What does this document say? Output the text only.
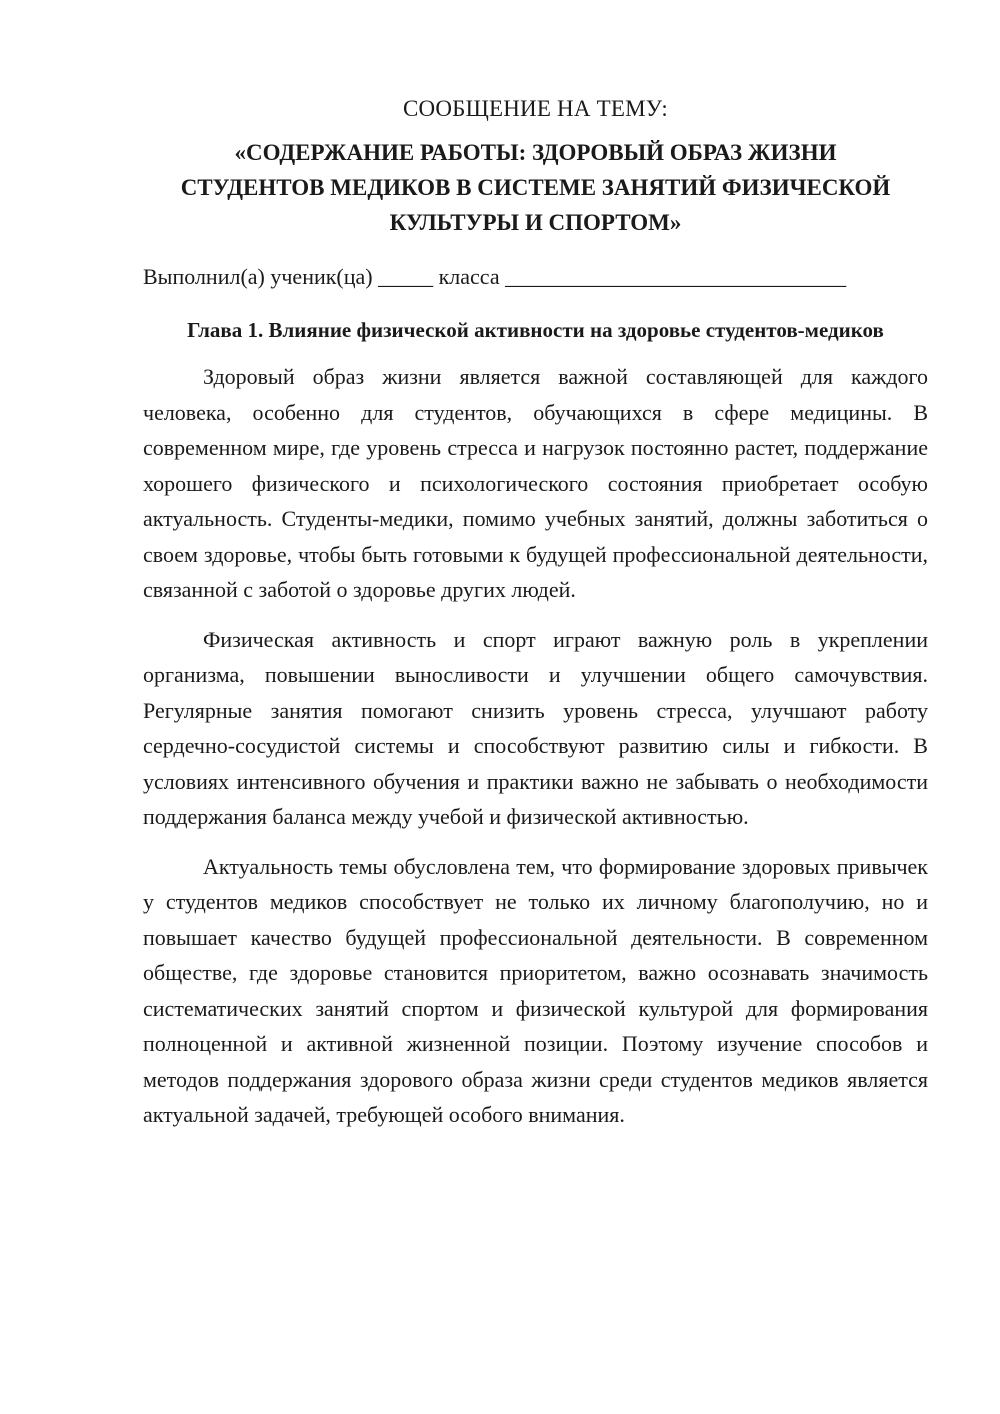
СООБЩЕНИЕ НА ТЕМУ:

«СОДЕРЖАНИЕ РАБОТЫ: ЗДОРОВЫЙ ОБРАЗ ЖИЗНИ
СТУДЕНТОВ МЕДИКОВ В СИСТЕМЕ ЗАНЯТИЙ ФИЗИЧЕСКОЙ
КУЛЬТУРЫ И СПОРТОМ»

Выполнил(а) ученик(ца) _____ класса _______________________________

Глава 1. Влияние физической активности на здоровье студентов-медиков

Здоровый образ жизни является важной составляющей для каждого человека, особенно для студентов, обучающихся в сфере медицины. В современном мире, где уровень стресса и нагрузок постоянно растет, поддержание хорошего физического и психологического состояния приобретает особую актуальность. Студенты-медики, помимо учебных занятий, должны заботиться о своем здоровье, чтобы быть готовыми к будущей профессиональной деятельности, связанной с заботой о здоровье других людей.

Физическая активность и спорт играют важную роль в укреплении организма, повышении выносливости и улучшении общего самочувствия. Регулярные занятия помогают снизить уровень стресса, улучшают работу сердечно-сосудистой системы и способствуют развитию силы и гибкости. В условиях интенсивного обучения и практики важно не забывать о необходимости поддержания баланса между учебой и физической активностью.

Актуальность темы обусловлена тем, что формирование здоровых привычек у студентов медиков способствует не только их личному благополучию, но и повышает качество будущей профессиональной деятельности. В современном обществе, где здоровье становится приоритетом, важно осознавать значимость систематических занятий спортом и физической культурой для формирования полноценной и активной жизненной позиции. Поэтому изучение способов и методов поддержания здорового образа жизни среди студентов медиков является актуальной задачей, требующей особого внимания.
